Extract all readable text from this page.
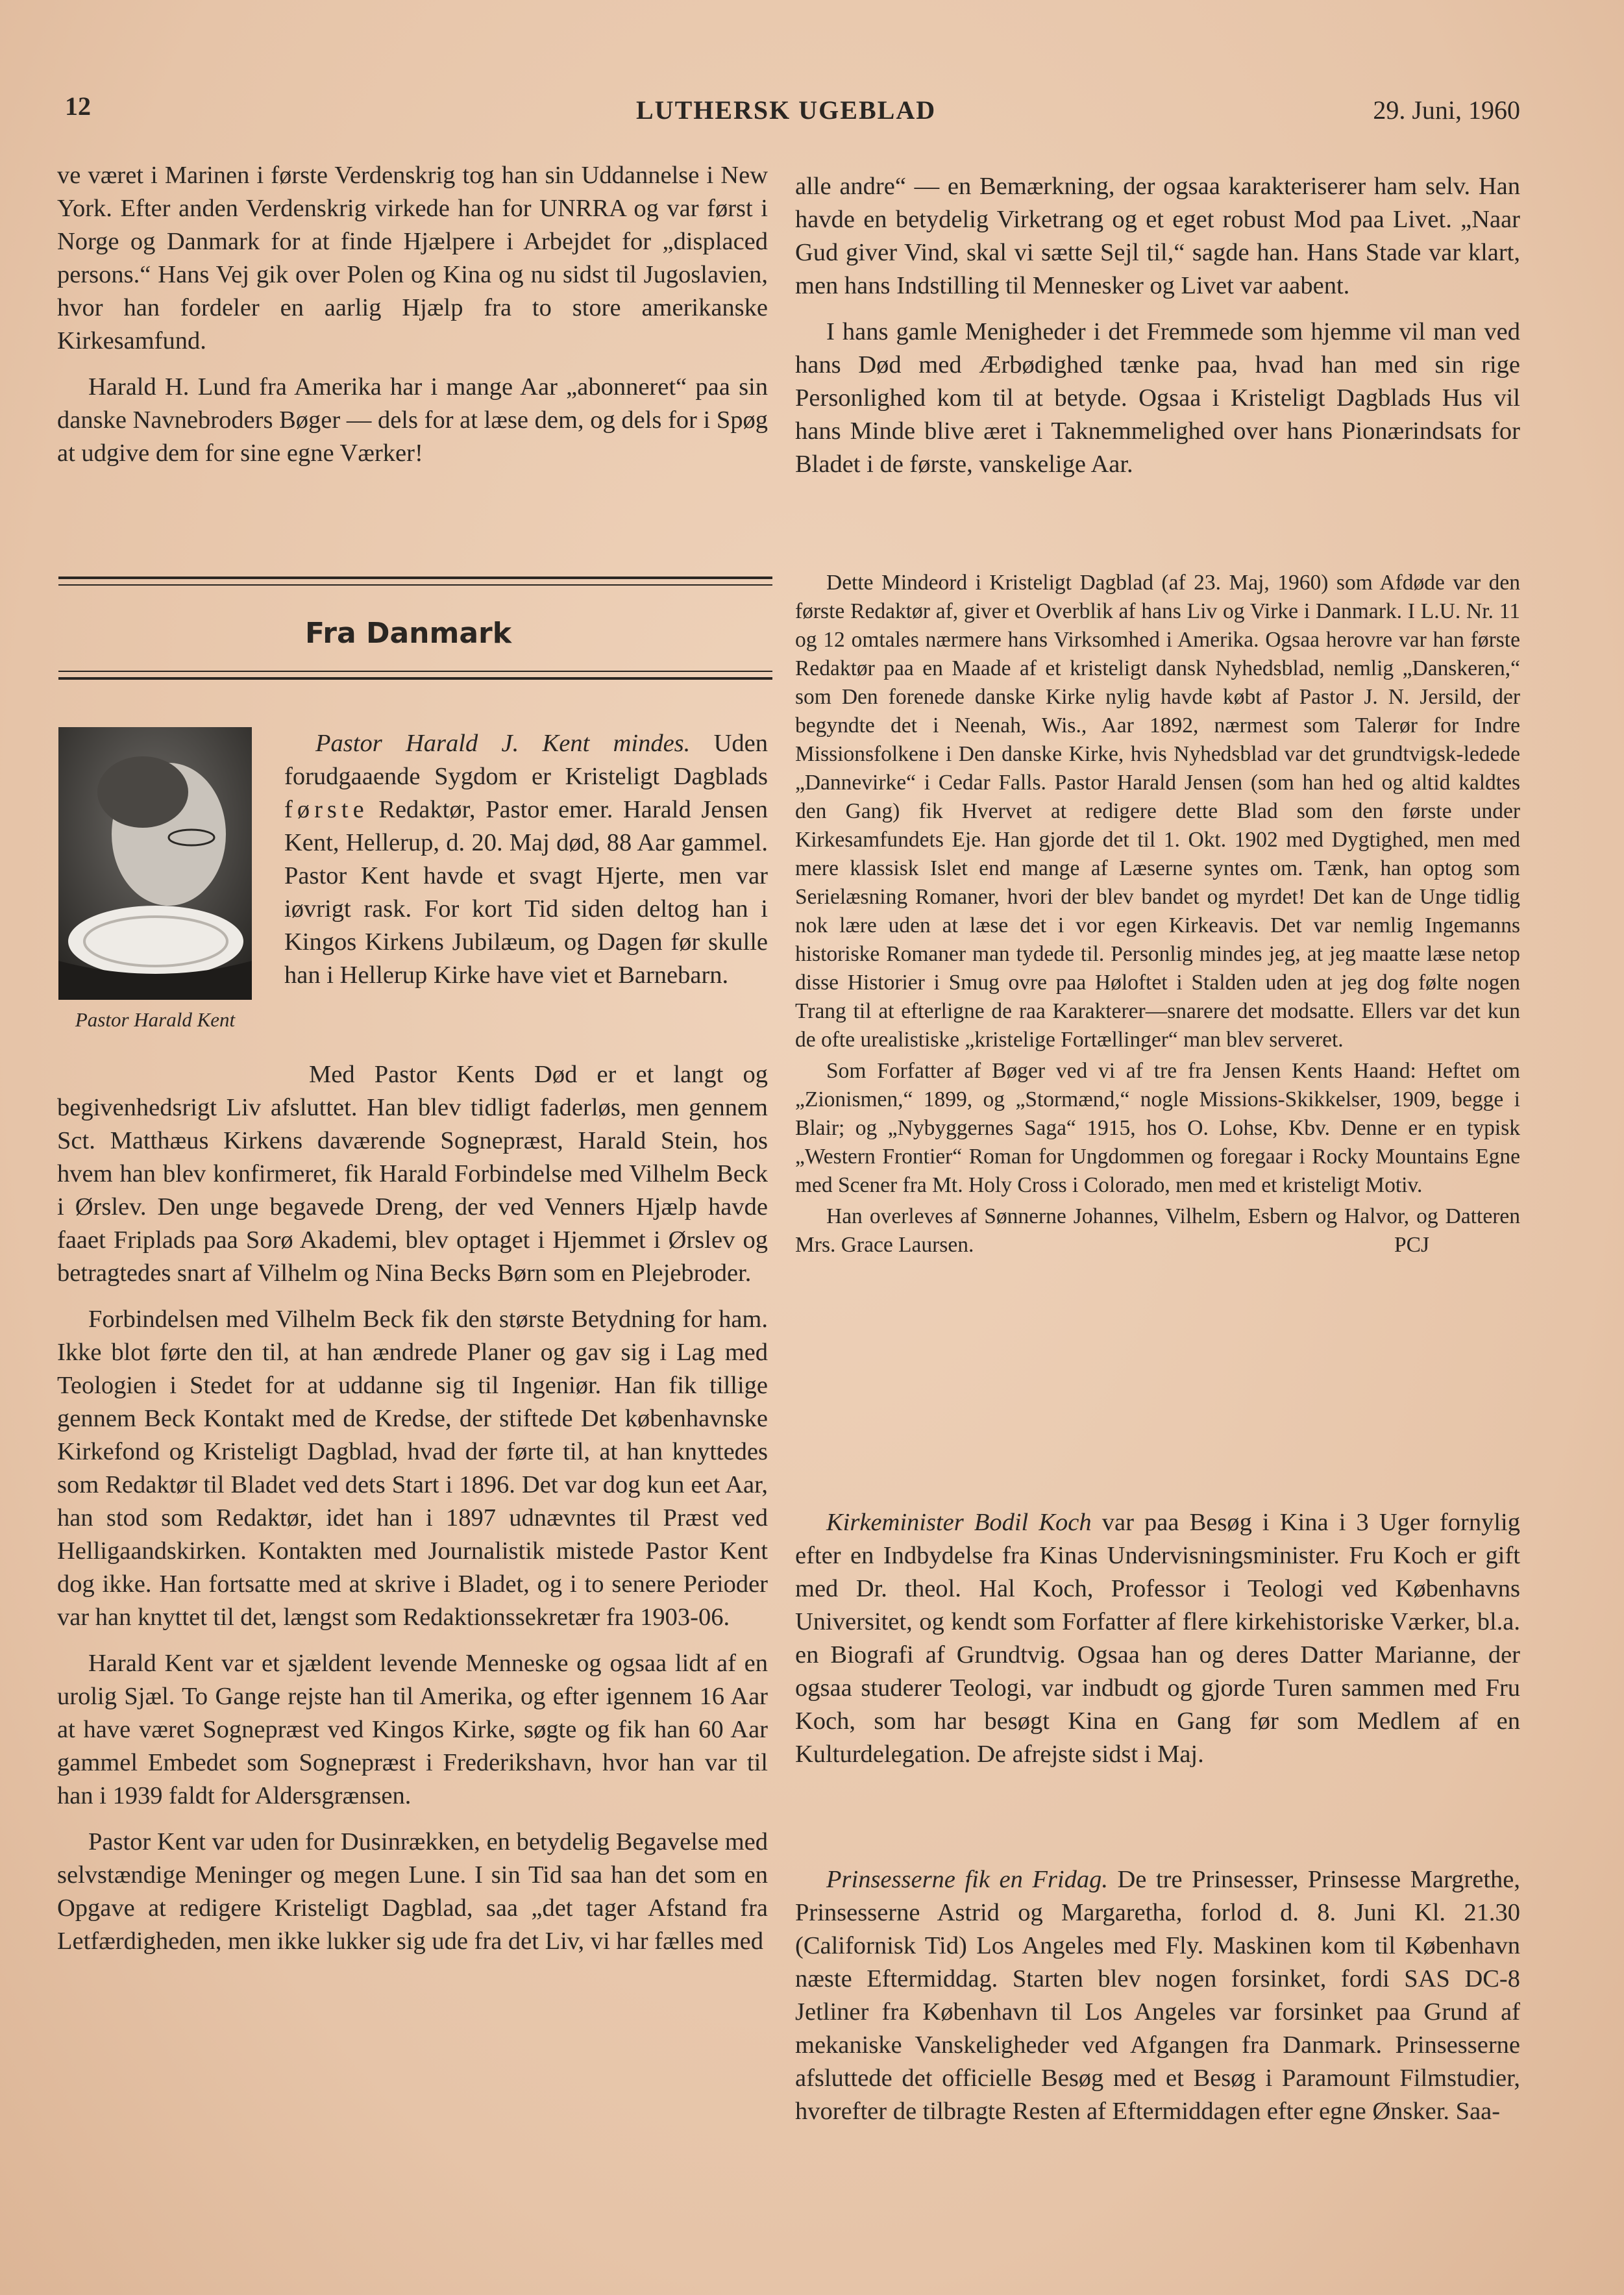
12	LUTHERSK UGEBLAD	29. Juni, 1960

ve været i Marinen i første Verdenskrig tog han sin Uddannelse i New York. Efter anden Verdenskrig virkede han for UNRRA og var først i Norge og Danmark for at finde Hjælpere i Arbejdet for „displaced persons.“ Hans Vej gik over Polen og Kina og nu sidst til Jugoslavien, hvor han fordeler en aarlig Hjælp fra to store amerikanske Kirkesamfund.

Harald H. Lund fra Amerika har i mange Aar „abonneret“ paa sin danske Navnebroders Bøger — dels for at læse dem, og dels for i Spøg at udgive dem for sine egne Værker!

Fra Danmark
Pastor Harald Kent

Pastor Harald J. Kent mindes. Uden forudgaaende Sygdom er Kristeligt Dagblads første Redaktør, Pastor emer. Harald Jensen Kent, Hellerup, d. 20. Maj død, 88 Aar gammel. Pastor Kent havde et svagt Hjerte, men var iøvrigt rask. For kort Tid siden deltog han i Kingos Kirkens Jubilæum, og Dagen før skulle han i Hellerup Kirke have viet et Barnebarn.

Med Pastor Kents Død er et langt og begivenhedsrigt Liv afsluttet. Han blev tidligt faderløs, men gennem Sct. Matthæus Kirkens daværende Sognepræst, Harald Stein, hos hvem han blev konfirmeret, fik Harald Forbindelse med Vilhelm Beck i Ørslev. Den unge begavede Dreng, der ved Venners Hjælp havde faaet Friplads paa Sorø Akademi, blev optaget i Hjemmet i Ørslev og betragtedes snart af Vilhelm og Nina Becks Børn som en Plejebroder.

Forbindelsen med Vilhelm Beck fik den største Betydning for ham. Ikke blot førte den til, at han ændrede Planer og gav sig i Lag med Teologien i Stedet for at uddanne sig til Ingeniør. Han fik tillige gennem Beck Kontakt med de Kredse, der stiftede Det københavnske Kirkefond og Kristeligt Dagblad, hvad der førte til, at han knyttedes som Redaktør til Bladet ved dets Start i 1896. Det var dog kun eet Aar, han stod som Redaktør, idet han i 1897 udnævntes til Præst ved Helligaandskirken. Kontakten med Journalistik mistede Pastor Kent dog ikke. Han fortsatte med at skrive i Bladet, og i to senere Perioder var han knyttet til det, længst som Redaktionssekretær fra 1903-06.

Harald Kent var et sjældent levende Menneske og ogsaa lidt af en urolig Sjæl. To Gange rejste han til Amerika, og efter igennem 16 Aar at have været Sognepræst ved Kingos Kirke, søgte og fik han 60 Aar gammel Embedet som Sognepræst i Frederikshavn, hvor han var til han i 1939 faldt for Aldersgrænsen.

Pastor Kent var uden for Dusinrækken, en betydelig Begavelse med selvstændige Meninger og megen Lune. I sin Tid saa han det som en Opgave at redigere Kristeligt Dagblad, saa „det tager Afstand fra Letfærdigheden, men ikke lukker sig ude fra det Liv, vi har fælles med

alle andre“ — en Bemærkning, der ogsaa karakteriserer ham selv. Han havde en betydelig Virketrang og et eget robust Mod paa Livet. „Naar Gud giver Vind, skal vi sætte Sejl til,“ sagde han. Hans Stade var klart, men hans Indstilling til Mennesker og Livet var aabent.

I hans gamle Menigheder i det Fremmede som hjemme vil man ved hans Død med Ærbødighed tænke paa, hvad han med sin rige Personlighed kom til at betyde. Ogsaa i Kristeligt Dagblads Hus vil hans Minde blive æret i Taknemmelighed over hans Pionærindsats for Bladet i de første, vanskelige Aar.

Dette Mindeord i Kristeligt Dagblad (af 23. Maj, 1960) som Afdøde var den første Redaktør af, giver et Overblik af hans Liv og Virke i Danmark. I L.U. Nr. 11 og 12 omtales nærmere hans Virksomhed i Amerika. Ogsaa herovre var han første Redaktør paa en Maade af et kristeligt dansk Nyhedsblad, nemlig „Danskeren,“ som Den forenede danske Kirke nylig havde købt af Pastor J. N. Jersild, der begyndte det i Neenah, Wis., Aar 1892, nærmest som Talerør for Indre Missionsfolkene i Den danske Kirke, hvis Nyhedsblad var det grundtvigsk-ledede „Dannevirke“ i Cedar Falls. Pastor Harald Jensen (som han hed og altid kaldtes den Gang) fik Hvervet at redigere dette Blad som den første under Kirkesamfundets Eje. Han gjorde det til 1. Okt. 1902 med Dygtighed, men med mere klassisk Islet end mange af Læserne syntes om. Tænk, han optog som Serielæsning Romaner, hvori der blev bandet og myrdet! Det kan de Unge tidlig nok lære uden at læse det i vor egen Kirkeavis. Det var nemlig Ingemanns historiske Romaner man tydede til. Personlig mindes jeg, at jeg maatte læse netop disse Historier i Smug ovre paa Høloftet i Stalden uden at jeg dog følte nogen Trang til at efterligne de raa Karakterer—snarere det modsatte. Ellers var det kun de ofte urealistiske „kristelige Fortællinger“ man blev serveret.

Som Forfatter af Bøger ved vi af tre fra Jensen Kents Haand: Heftet om „Zionismen,“ 1899, og „Stormænd,“ nogle Missions-Skikkelser, 1909, begge i Blair; og „Nybyggernes Saga“ 1915, hos O. Lohse, Kbv. Denne er en typisk „Western Frontier“ Roman for Ungdommen og foregaar i Rocky Mountains Egne med Scener fra Mt. Holy Cross i Colorado, men med et kristeligt Motiv.

Han overleves af Sønnerne Johannes, Vilhelm, Esbern og Halvor, og Datteren Mrs. Grace Laursen.	PCJ

Kirkeminister Bodil Koch var paa Besøg i Kina i 3 Uger fornylig efter en Indbydelse fra Kinas Undervisningsminister. Fru Koch er gift med Dr. theol. Hal Koch, Professor i Teologi ved Københavns Universitet, og kendt som Forfatter af flere kirkehistoriske Værker, bl.a. en Biografi af Grundtvig. Ogsaa han og deres Datter Marianne, der ogsaa studerer Teologi, var indbudt og gjorde Turen sammen med Fru Koch, som har besøgt Kina en Gang før som Medlem af en Kulturdelegation. De afrejste sidst i Maj.

Prinsesserne fik en Fridag. De tre Prinsesser, Prinsesse Margrethe, Prinsesserne Astrid og Margaretha, forlod d. 8. Juni Kl. 21.30 (Californisk Tid) Los Angeles med Fly. Maskinen kom til København næste Eftermiddag. Starten blev nogen forsinket, fordi SAS DC-8 Jetliner fra København til Los Angeles var forsinket paa Grund af mekaniske Vanskeligheder ved Afgangen fra Danmark. Prinsesserne afsluttede det officielle Besøg med et Besøg i Paramount Filmstudier, hvorefter de tilbragte Resten af Eftermiddagen efter egne Ønsker. Saa-
